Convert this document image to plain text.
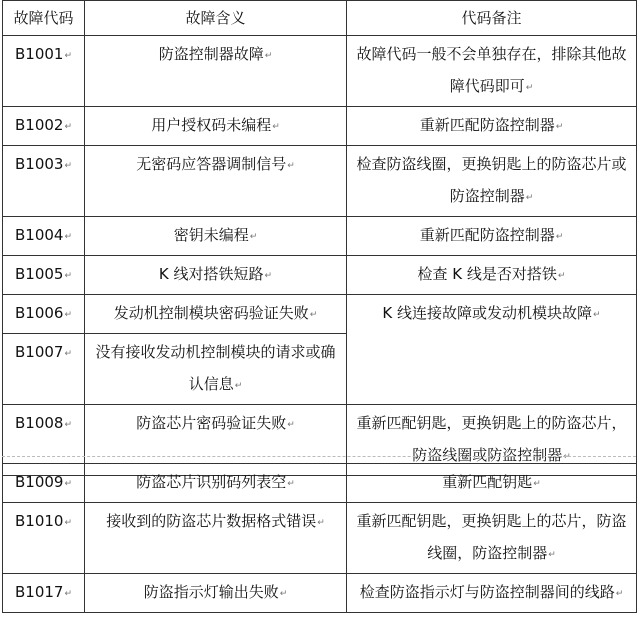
故障代码	故障含义	代码备注
B1001↵	防盗控制器故障↵	故障代码一般不会单独存在，排除其他故障代码即可↵
B1002↵	用户授权码未编程↵	重新匹配防盗控制器↵
B1003↵	无密码应答器调制信号↵	检查防盗线圈，更换钥匙上的防盗芯片或防盗控制器↵
B1004↵	密钥未编程↵	重新匹配防盗控制器↵
B1005↵	K 线对搭铁短路↵	检查 K 线是否对搭铁↵
B1006↵	发动机控制模块密码验证失败↵	K 线连接故障或发动机模块故障↵
B1007↵	没有接收发动机控制模块的请求或确认信息↵	
B1008↵	防盗芯片密码验证失败↵	重新匹配钥匙，更换钥匙上的防盗芯片，防盗线圈或防盗控制器↵
B1009↵	防盗芯片识别码列表空↵	重新匹配钥匙↵
B1010↵	接收到的防盗芯片数据格式错误↵	重新匹配钥匙，更换钥匙上的芯片，防盗线圈，防盗控制器↵
B1017↵	防盗指示灯输出失败↵	检查防盗指示灯与防盗控制器间的线路↵
